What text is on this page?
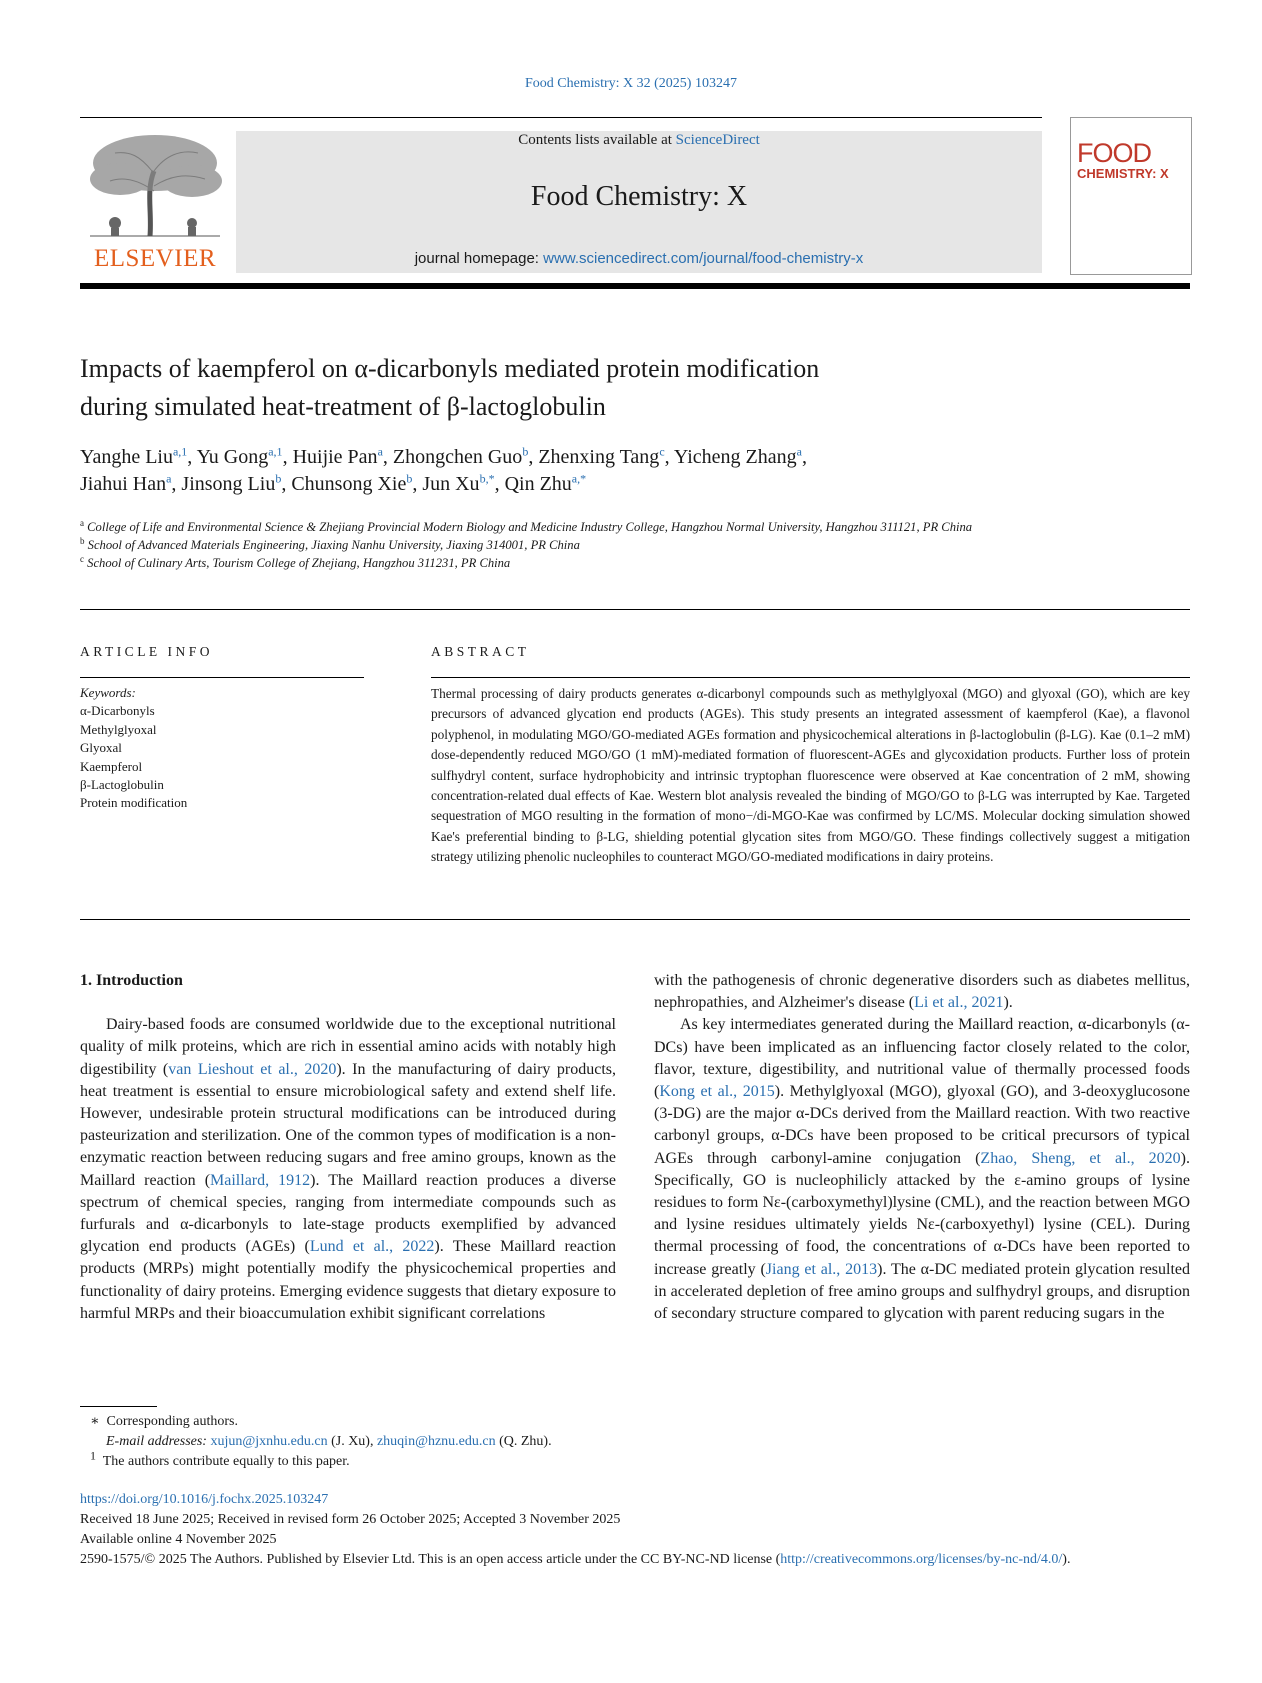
Food Chemistry: X 32 (2025) 103247
ELSEVIER
Contents lists available at ScienceDirect
Food Chemistry: X
journal homepage: www.sciencedirect.com/journal/food-chemistry-x
FOOD
CHEMISTRY: X
Impacts of kaempferol on α-dicarbonyls mediated protein modification
during simulated heat-treatment of β-lactoglobulin
Yanghe Liu$^{a,1}$, Yu Gong$^{a,1}$, Huijie Pan$^a$, Zhongchen Guo$^b$, Zhenxing Tang$^c$, Yicheng Zhang$^a$,
Jiahui Han$^a$, Jinsong Liu$^b$, Chunsong Xie$^b$, Jun $Xu^{b,*}$, Qin Zhu$^{a,*}$
$^a$ College of Life and Environmental Science & Zhejiang Provincial Modern Biology and Medicine Industry College, Hangzhou Normal University, Hangzhou 311121, PR China
$^b$ School of Advanced Materials Engineering, Jiaxing Nanhu University, Jiaxing 314001, PR China
$^c$ School of Culinary Arts, Tourism College of Zhejiang, Hangzhou 311231, PR China
ARTICLE INFO	ABSTRACT
Keywords:
α-Dicarbonyls
Methylglyoxal
Glyoxal
Kaempferol
β-Lactoglobulin
Protein modification
Thermal processing of dairy products generates α-dicarbonyl compounds such as methylglyoxal (MGO) and glyoxal (GO), which are key precursors of advanced glycation end products (AGEs). This study presents an integrated assessment of kaempferol (Kae), a flavonol polyphenol, in modulating MGO/GO-mediated AGEs formation and physicochemical alterations in β-lactoglobulin (β-LG). Kae (0.1–2 mM) dose-dependently reduced MGO/GO (1 mM)-mediated formation of fluorescent-AGEs and glycoxidation products. Further loss of protein sulfhydryl content, surface hydrophobicity and intrinsic tryptophan fluorescence were observed at Kae concentration of 2 mM, showing concentration-related dual effects of Kae. Western blot analysis revealed the binding of MGO/GO to β-LG was interrupted by Kae. Targeted sequestration of MGO resulting in the formation of mono−/di-MGO-Kae was confirmed by LC/MS. Molecular docking simulation showed Kae's preferential binding to β-LG, shielding potential glycation sites from MGO/GO. These findings collectively suggest a mitigation strategy utilizing phenolic nucleophiles to counteract MGO/GO-mediated modifications in dairy proteins.
1. Introduction

Dairy-based foods are consumed worldwide due to the exceptional nutritional quality of milk proteins, which are rich in essential amino acids with notably high digestibility (van Lieshout et al., 2020). In the manufacturing of dairy products, heat treatment is essential to ensure microbiological safety and extend shelf life. However, undesirable protein structural modifications can be introduced during pasteurization and sterilization. One of the common types of modification is a non-enzymatic reaction between reducing sugars and free amino groups, known as the Maillard reaction (Maillard, 1912). The Maillard reaction produces a diverse spectrum of chemical species, ranging from intermediate compounds such as furfurals and α-dicarbonyls to late-stage products exemplified by advanced glycation end products (AGEs) (Lund et al., 2022). These Maillard reaction products (MRPs) might potentially modify the physicochemical properties and functionality of dairy proteins. Emerging evidence suggests that dietary exposure to harmful MRPs and their bioaccumulation exhibit significant correlations

with the pathogenesis of chronic degenerative disorders such as diabetes mellitus, nephropathies, and Alzheimer's disease (Li et al., 2021).

As key intermediates generated during the Maillard reaction, α-dicarbonyls (α-DCs) have been implicated as an influencing factor closely related to the color, flavor, texture, digestibility, and nutritional value of thermally processed foods (Kong et al., 2015). Methylglyoxal (MGO), glyoxal (GO), and 3-deoxyglucosone (3-DG) are the major α-DCs derived from the Maillard reaction. With two reactive carbonyl groups, α-DCs have been proposed to be critical precursors of typical AGEs through carbonyl-amine conjugation (Zhao, Sheng, et al., 2020). Specifically, GO is nucleophilicly attacked by the ε-amino groups of lysine residues to form Nε-(carboxymethyl)lysine (CML), and the reaction between MGO and lysine residues ultimately yields Nε-(carboxyethyl) lysine (CEL). During thermal processing of food, the concentrations of α-DCs have been reported to increase greatly (Jiang et al., 2013). The α-DC mediated protein glycation resulted in accelerated depletion of free amino groups and sulfhydryl groups, and disruption of secondary structure compared to glycation with parent reducing sugars in the

∗ Corresponding authors.
E-mail addresses: xujun@jxnhu.edu.cn (J. Xu), zhuqin@hznu.edu.cn (Q. Zhu).
$^1$ The authors contribute equally to this paper.
https://doi.org/10.1016/j.fochx.2025.103247
Received 18 June 2025; Received in revised form 26 October 2025; Accepted 3 November 2025
Available online 4 November 2025
2590-1575/© 2025 The Authors. Published by Elsevier Ltd. This is an open access article under the CC BY-NC-ND license (http://creativecommons.org/licenses/by-nc-nd/4.0/).
